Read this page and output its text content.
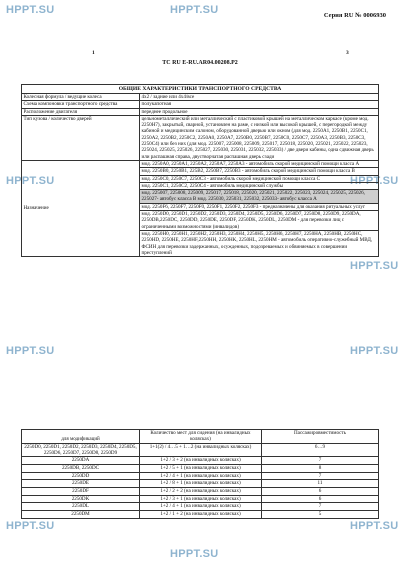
HPPT.SU	HPPT.SU
HPPT.SU	HPPT.SU
HPPT.SU
HPPT.SU	HPPT.SU
HPPT.SU	HPPT.SU
HPPT.SU
Серия RU № 0006930
1	3
ТС RU E-RU.AR04.00208.P2
ОБЩИЕ ХАРАКТЕРИСТИКИ ТРАНСПОРТНОГО СРЕДСТВА	
Колесная формула / ведущие колеса	4х2 / задние или 4х4/все
Схема компоновки транспортного средства	полукапотная
Расположение двигателя	переднее продольное
Тип кузова / количество дверей	цельнометаллический или металлический с пластиковой крышей на металлическом каркасе (кроме мод. 2250Н7), закрытый, сварной, установлен на раме, с низкой или высокой крышей, с перегородкой между кабиной и медицинским салоном, оборудованной дверью или окном (для мод. 2250А1, 2250В1, 2250С1, 2250А2, 2250В2, 2250С2, 2250А0, 2250А7, 2250В0, 2250В7, 2250С0, 2250С7, 2250А3, 2250В3, 2250С3, 2250С4) или без них (для мод. 225007, 225008, 225009, 225017, 225018, 225020, 225021, 225022, 225023, 225024, 225025, 225026, 225027, 225030, 225031, 225032, 225033) / две двери кабины, одна сдвижная дверь или распашная справа, двустворчатая распашная дверь сзади
Назначение	мод. 2250А0, 2250А1, 2250А2, 2250А7, 2250А3 - автомобиль скорой медицинской помощи класса А
	мод. 2250В0, 2250В1, 225В2, 2250В7, 2250В3 - автомобиль скорой медицинской помощи класса В
	мод. 2250С0, 2250С7, 2250С3 - автомобиль скорой медицинской помощи класса С
	мод. 2250С1, 2250С2, 2250С4 - автомобиль медицинской службы
	мод. 225007, 225008, 225009, 225017, 225018, 225020, 225021, 225022, 225023, 225024, 225025, 225026, 225027- автобус класса В мод. 225030, 225031, 225032, 225033- автобус класса А
	мод. 2250F6, 2250F7, 2250F0, 2250F1, 2250F2, 2250F3 - предназначены для оказания ритуальных услуг
	мод. 2250D0, 2250D1, 2250D2, 2250D3, 2250D4, 2250D5, 2250D6, 2250D7, 2250D8, 2250D9, 2250DA, 2250DB,2250DC, 2250DD, 2250DE, 2250DF, 2250DK, 2250DL, 2250DM - для перевозки лиц с ограниченными возможностями (инвалидов)
	мод. 2250H0, 2250H1, 2250H2, 2250H3, 2250H4, 2250H5, 2250H6, 2250H7, 2250HA, 2250HB, 2250HC, 2250HD, 2250HE, 2250HF,2250HH, 2250HK, 2250HL, 2250HM - автомобиль оперативно-служебный МВД, ФСИН для перевозки задержанных, осужденных, подозреваемых и обвиняемых в совершении преступлений
для модификаций	Количество мест для сидения (на инвалидных колясках)	Пассажировместимость
2250D0, 2250D1, 2250D2, 2250D3, 2250D4, 2250D5, 2250D6, 2250D7, 2250D8, 2250D9	1+1(2) / 4…5 + 1…2 (на инвалидных колясках)	6…9
2250DA	1+2 / 3 + 2 (на инвалидных колясках)	7
2250DB, 2250DC	1+2 / 5 + 1 (на инвалидных колясках)	8
2250DD	1+2 / 4 + 1 (на инвалидных колясках)	7
2250DE	1+2 / 8 + 1 (на инвалидных колясках)	11
2250DF	1+2 / 2 + 2 (на инвалидных колясках)	6
2250DK	1+2 / 3 + 1 (на инвалидных колясках)	6
2250DL	1+2 / 4 + 1 (на инвалидных колясках)	7
2250DM	1+2 / 1 + 2 (на инвалидных колясках)	5
